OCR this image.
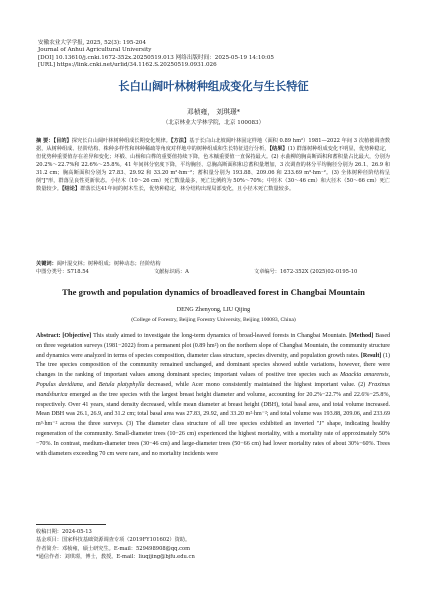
安徽农业大学学报, 2025, 52(3): 195-204
Journal of Anhui Agricultural University
[DOI] 10.13610/j.cnki.1672-352x.20250519.013 网络出版时间：2025-05-19 14:10:05
[URL] https://link.cnki.net/urlid/34.1162.S.20250519.0931.026
长白山阔叶林树种组成变化与生长特征
邓桢雍， 刘琪璟*
（北京林业大学林学院，北京 100083）
摘 要：【目的】探究长白山阔叶林树种组成长期变化规律。【方法】基于长白山北坡阔叶林固定样地（面积 0.89 hm²）1981—2022 年间 3 次植被调查数据，从树种组成、径阶结构、株种多样性和林种稀疏等角度对样地中的树种组成和生长特征进行分析，【结果】(1) 群落树种组成变化不明显，优势种稳定，但优势种重要值存在差异和变化；坏椴、山杨和白桦的重要值持续下降，色木槭重要值一直保持最大。(2) 水曲柳的胸高断面积和蓄积量占比最大，分别为 20.2%～22.7%和 22.6%～25.8%。41 年间林分密度下降，平均胸径、总胸高断面积和总蓄积量增加，3 次调查的林分平均胸径分别为 26.1、26.9 和 31.2 cm；胸高断面积分别为 27.83、29.92 和 33.20 m²·hm⁻²；蓄积量分别为 193.88、209.06 和 233.69 m³·hm⁻²。(3) 全体树种径阶结构呈倒"J"形，群落呈良性更新状态。小径木（10～26 cm）死亡数量最多，死亡比例约为 50%～70%；中径木（30～46 cm）和大径木（50～66 cm）死亡数量较少。【结论】群落长达41年间的树木生长，优势种稳定，林分结构出现局部变化，且小径木死亡数量较多。
关键词：阔叶混交林；树种组成；树种动态；径阶结构
中图分类号：S718.54	文献标识码：A	文章编号：1672-352X (2025)02-0195-10
The growth and population dynamics of broadleaved forest in Changbai Mountain
DENG Zhenyong, LIU Qijing
(College of Forestry, Beijing Forestry University, Beijing 100083, China)
Abstract: [Objective] This study aimed to investigate the long-term dynamics of broad-leaved forests in Changbai Mountain. [Method] Based on three vegetation surveys (1981−2022) from a permanent plot (0.89 hm²) on the northern slope of Changbai Mountain, the community structure and dynamics were analyzed in terms of species composition, diameter class structure, species diversity, and population growth rates. [Result] (1) The tree species composition of the community remained unchanged, and dominant species showed subtle variations, however, there were changes in the ranking of important values among dominant species; important values of positive tree species such as Maackia amurensis, Populus davidiana, and Betula platyphylla decreased, while Acer mono consistently maintained the highest important value. (2) Fraxinus mandshurica emerged as the tree species with the largest breast height diameter and volume, accounting for 20.2%−22.7% and 22.6%−25.8%, respectively. Over 41 years, stand density decreased, while mean diameter at breast height (DBH), total basal area, and total volume increased. Mean DBH was 26.1, 26.9, and 31.2 cm; total basal area was 27.83, 29.92, and 33.20 m²·hm⁻²; and total volume was 193.88, 209.06, and 233.69 m³·hm⁻² across the three surveys. (3) The diameter class structure of all tree species exhibited an inverted "J" shape, indicating healthy regeneration of the community. Small-diameter trees (10−26 cm) experienced the highest mortality, with a mortality rate of approximately 50%−70%. In contrast, medium-diameter trees (30−46 cm) and large-diameter trees (50−66 cm) had lower mortality rates of about 30%−60%. Trees with diameters exceeding 70 cm were rare, and no mortality incidents were
收稿日期：2024-05-13
基金项目：国家科技基础资源调查专项（2019FY101602）资助。
作者简介：邓桢雍，硕士研究生。E-mail：529498908@qq.com
*通信作者：刘琪璟，博士，教授。E-mail：liuqijing@bjfu.edu.cn
